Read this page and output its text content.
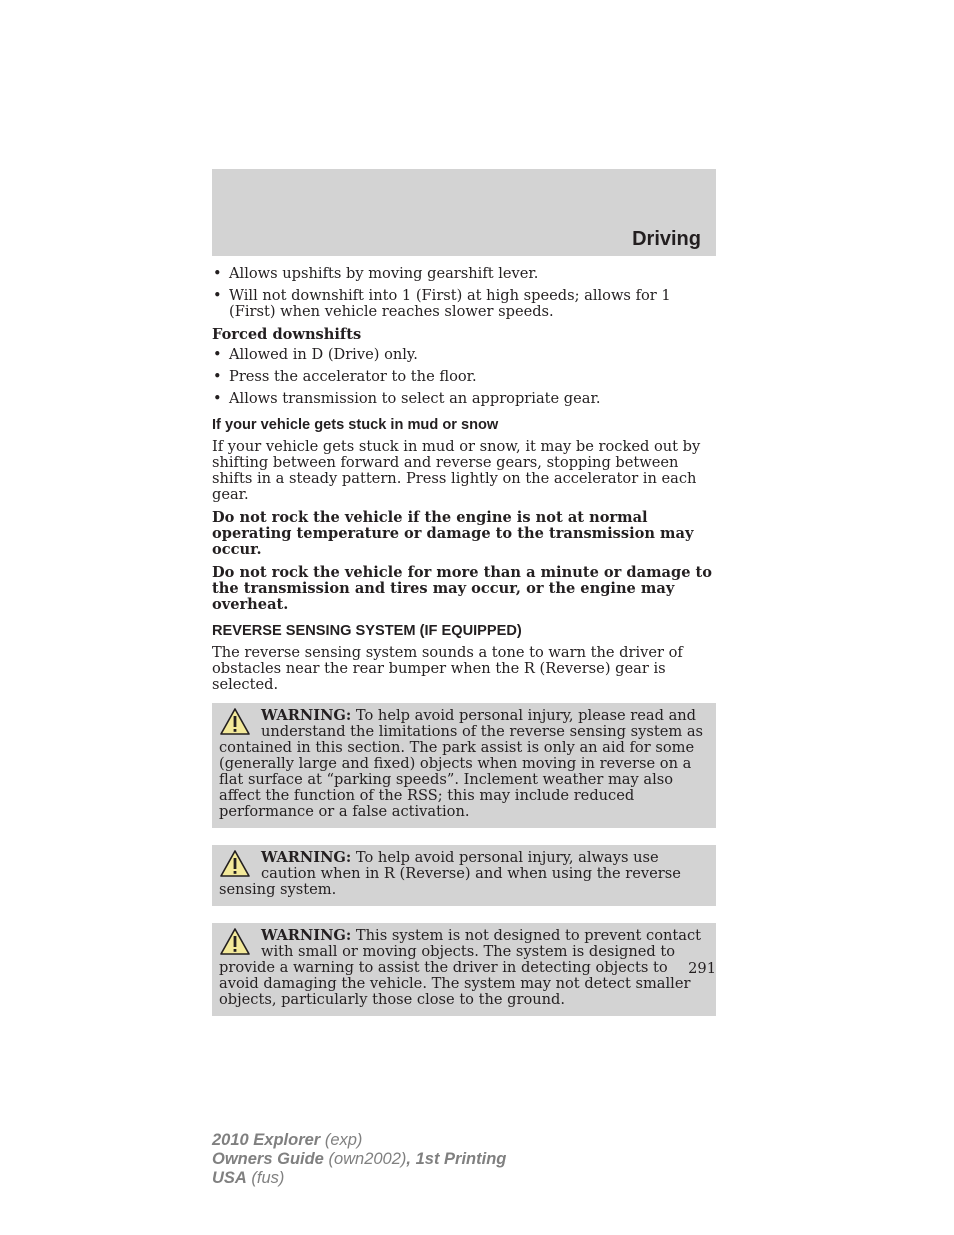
Driving
• Allows upshifts by moving gearshift lever.
• Will not downshift into 1 (First) at high speeds; allows for 1 (First) when vehicle reaches slower speeds.
Forced downshifts
• Allowed in D (Drive) only.
• Press the accelerator to the floor.
• Allows transmission to select an appropriate gear.
If your vehicle gets stuck in mud or snow

If your vehicle gets stuck in mud or snow, it may be rocked out by shifting between forward and reverse gears, stopping between shifts in a steady pattern. Press lightly on the accelerator in each gear.

Do not rock the vehicle if the engine is not at normal operating temperature or damage to the transmission may occur.

Do not rock the vehicle for more than a minute or damage to the transmission and tires may occur, or the engine may overheat.

REVERSE SENSING SYSTEM (IF EQUIPPED)

The reverse sensing system sounds a tone to warn the driver of obstacles near the rear bumper when the R (Reverse) gear is selected.

WARNING: To help avoid personal injury, please read and understand the limitations of the reverse sensing system as contained in this section. The park assist is only an aid for some (generally large and fixed) objects when moving in reverse on a flat surface at “parking speeds”. Inclement weather may also affect the function of the RSS; this may include reduced performance or a false activation.
WARNING: To help avoid personal injury, always use caution when in R (Reverse) and when using the reverse sensing system.
WARNING: This system is not designed to prevent contact with small or moving objects. The system is designed to provide a warning to assist the driver in detecting objects to avoid damaging the vehicle. The system may not detect smaller objects, particularly those close to the ground.
291
2010 Explorer (exp)
Owners Guide (own2002), 1st Printing
USA (fus)
